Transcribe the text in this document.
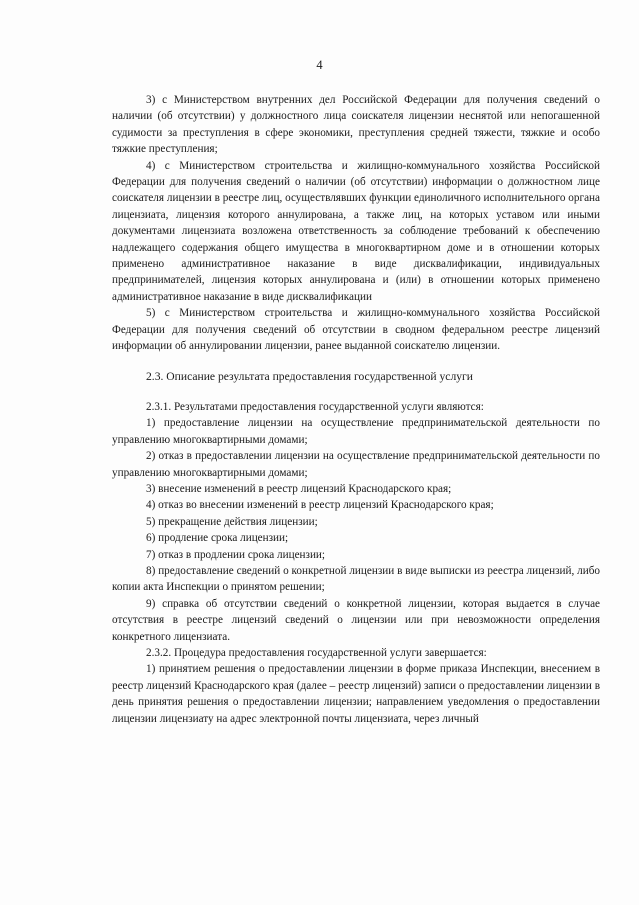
4

3) с Министерством внутренних дел Российской Федерации для получения сведений о наличии (об отсутствии) у должностного лица соискателя лицензии неснятой или непогашенной судимости за преступления в сфере экономики, преступления средней тяжести, тяжкие и особо тяжкие преступления;

4) с Министерством строительства и жилищно-коммунального хозяйства Российской Федерации для получения сведений о наличии (об отсутствии) информации о должностном лице соискателя лицензии в реестре лиц, осуществлявших функции единоличного исполнительного органа лицензиата, лицензия которого аннулирована, а также лиц, на которых уставом или иными документами лицензиата возложена ответственность за соблюдение требований к обеспечению надлежащего содержания общего имущества в многоквартирном доме и в отношении которых применено административное наказание в виде дисквалификации, индивидуальных предпринимателей, лицензия которых аннулирована и (или) в отношении которых применено административное наказание в виде дисквалификации

5) с Министерством строительства и жилищно-коммунального хозяйства Российской Федерации для получения сведений об отсутствии в сводном федеральном реестре лицензий информации об аннулировании лицензии, ранее выданной соискателю лицензии.

2.3. Описание результата предоставления государственной услуги

2.3.1. Результатами предоставления государственной услуги являются:

1) предоставление лицензии на осуществление предпринимательской деятельности по управлению многоквартирными домами;

2) отказ в предоставлении лицензии на осуществление предпринимательской деятельности по управлению многоквартирными домами;

3) внесение изменений в реестр лицензий Краснодарского края;

4) отказ во внесении изменений в реестр лицензий Краснодарского края;

5) прекращение действия лицензии;

6) продление срока лицензии;

7) отказ в продлении срока лицензии;

8) предоставление сведений о конкретной лицензии в виде выписки из реестра лицензий, либо копии акта Инспекции о принятом решении;

9) справка об отсутствии сведений о конкретной лицензии, которая выдается в случае отсутствия в реестре лицензий сведений о лицензии или при невозможности определения конкретного лицензиата.

2.3.2. Процедура предоставления государственной услуги завершается:

1) принятием решения о предоставлении лицензии в форме приказа Инспекции, внесением в реестр лицензий Краснодарского края (далее – реестр лицензий) записи о предоставлении лицензии в день принятия решения о предоставлении лицензии; направлением уведомления о предоставлении лицензии лицензиату на адрес электронной почты лицензиата, через личный
